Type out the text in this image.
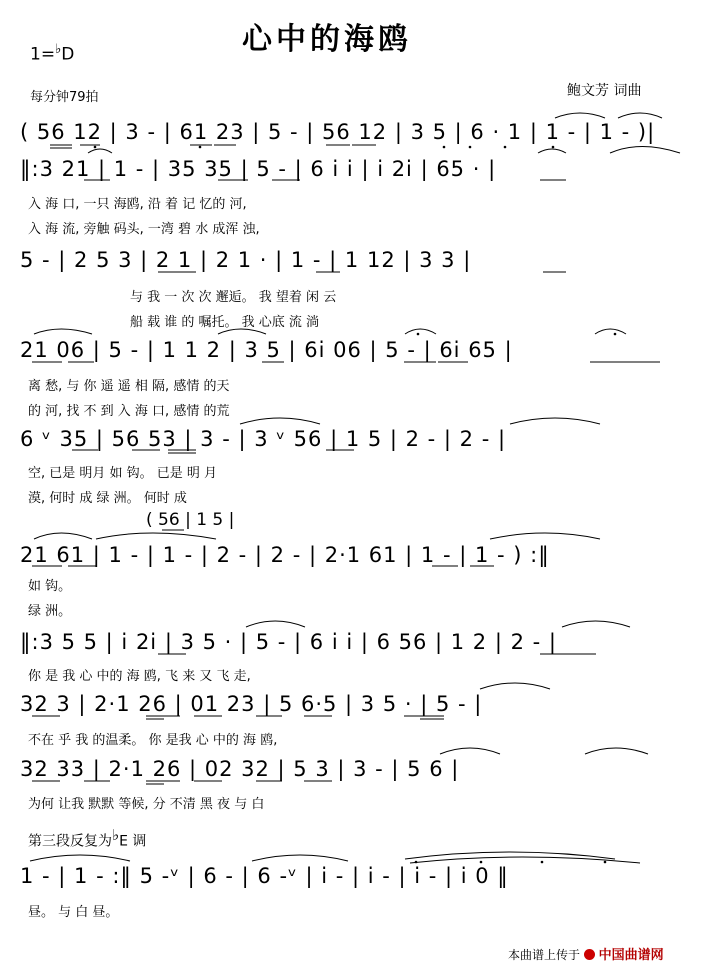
心中的海鸥
1=♭D
每分钟79拍	鲍文芳 词曲
( 56 12 | 3 - | 61 23 | 5 - | 56 12 | 3 5 | 6 · 1 | 1 - | 1 - )|
‖:3 21 | 1 - | 35 35 | 5 - | 6 i i | i 2i | 65 · |
入 海 口, 一只 海鸥, 沿 着 记 忆的 河,
入 海 流, 旁触 码头, 一湾 碧 水 成浑 浊,
5 - | 2 5 3 | 2 1 | 2 1 · | 1 - | 1 12 | 3 3 |
与 我 一 次 次 邂逅。 我 望着 闲 云
船 载 谁 的 嘱托。 我 心底 流 淌
21 06 | 5 - | 1 1 2 | 3 5 | 6i 06 | 5 - | 6i 65 |
离 愁, 与 你 遥 遥 相 隔, 感情 的天
的 河, 找 不 到 入 海 口, 感情 的荒
6 ᵛ 35 | 56 53 | 3 - | 3 ᵛ 56 | 1 5 | 2 - | 2 - |
空, 已是 明月 如 钩。 已是 明 月
漠, 何时 成 绿 洲。 何时 成
( 56 | 1 5 |
21 61 | 1 - | 1 - | 2 - | 2 - | 2·1 61 | 1 - | 1 - ) :‖
如 钩。
绿 洲。
‖:3 5 5 | i 2i | 3 5 · | 5 - | 6 i i | 6 56 | 1 2 | 2 - |
你 是 我 心 中的 海 鸥, 飞 来 又 飞 走,
32 3 | 2·1 26 | 01 23 | 5 6·5 | 3 5 · | 5 - |
不在 乎 我 的温柔。 你 是我 心 中的 海 鸥,
32 33 | 2·1 26 | 02 32 | 5 3 | 3 - | 5 6 |
为何 让我 默默 等候, 分 不清 黑 夜 与 白
第三段反复为♭E 调
1 - | 1 - :‖ 5 -ᵛ | 6 - | 6 -ᵛ | i - | i - | i - | i 0 ‖
昼。 与 白 昼。
本曲谱上传于 中国曲谱网
